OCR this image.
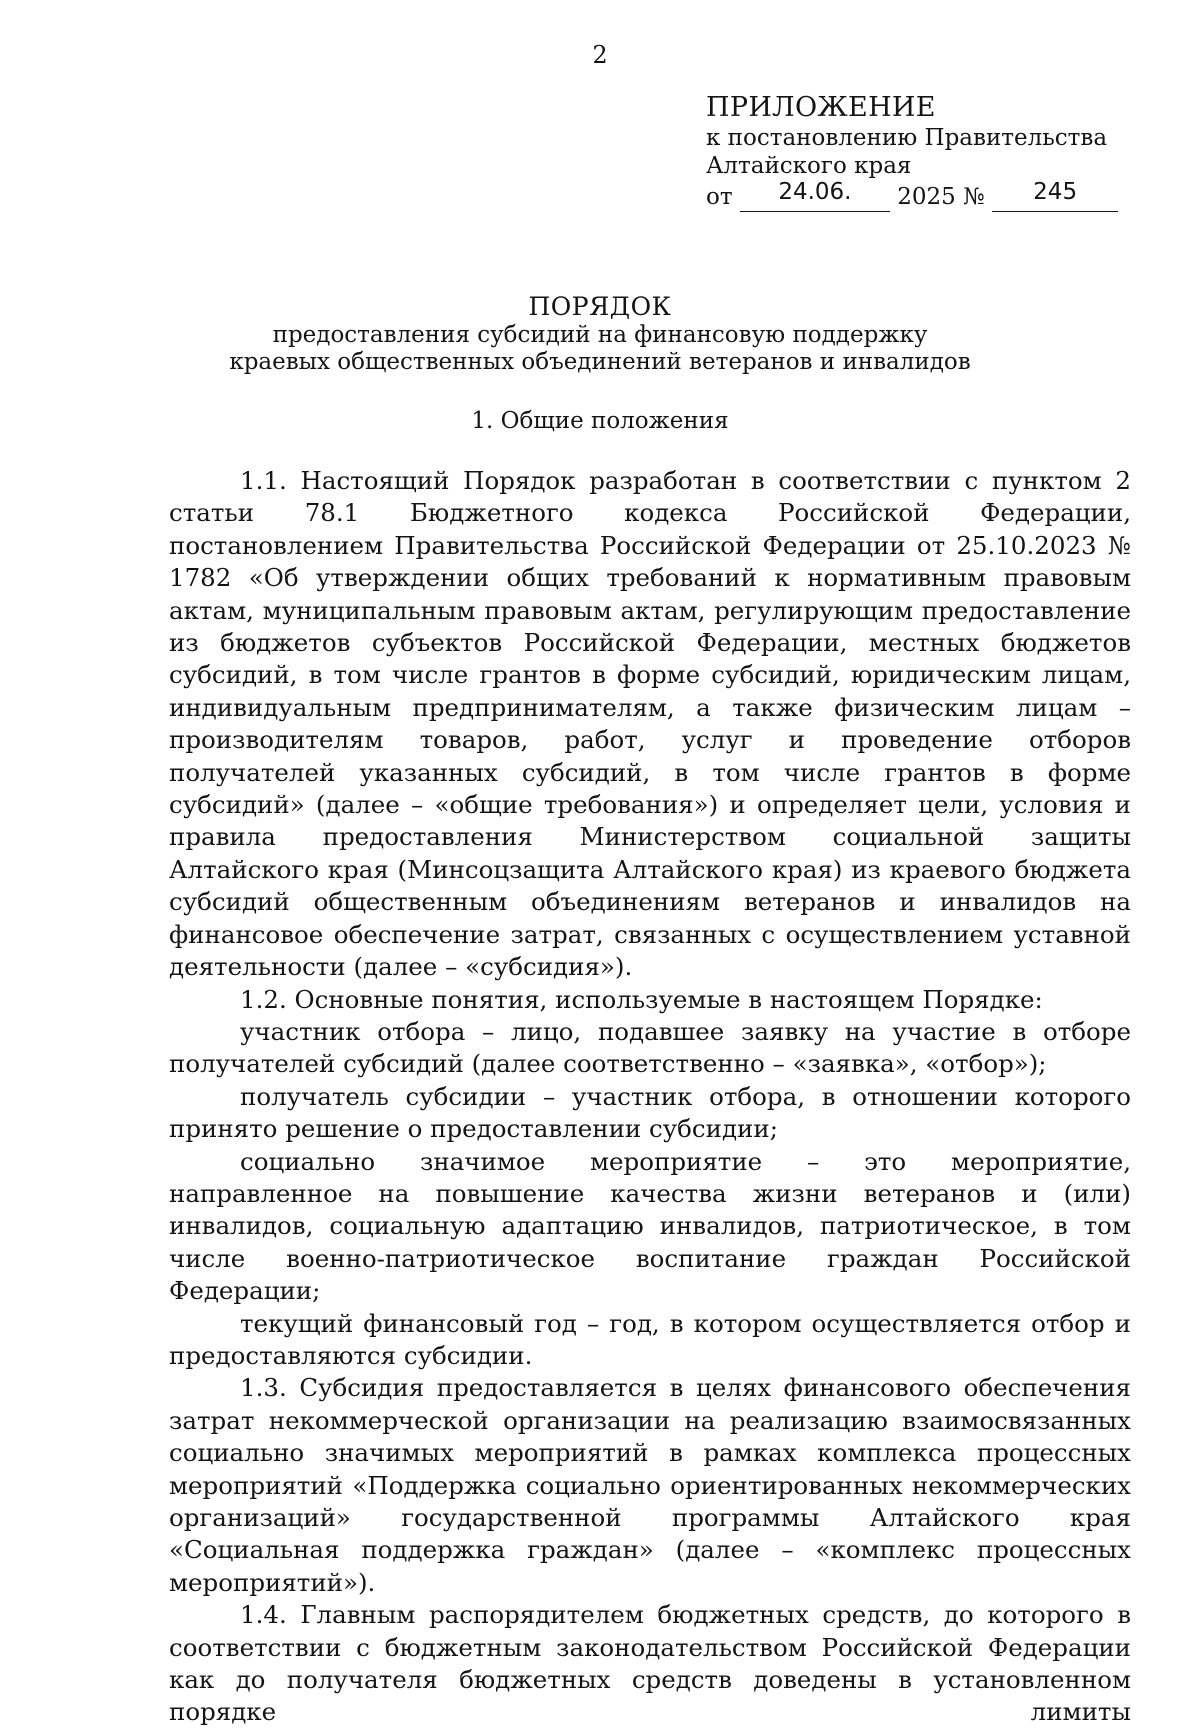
2
ПРИЛОЖЕНИЕ
к постановлению Правительства
Алтайского края
от 24.06. 2025 № 245
ПОРЯДОК
предоставления субсидий на финансовую поддержку
краевых общественных объединений ветеранов и инвалидов
1. Общие положения

1.1. Настоящий Порядок разработан в соответствии с пунктом 2 статьи 78.1 Бюджетного кодекса Российской Федерации, постановлением Правительства Российской Федерации от 25.10.2023 № 1782 «Об утверждении общих требований к нормативным правовым актам, муниципальным правовым актам, регулирующим предоставление из бюджетов субъектов Российской Федерации, местных бюджетов субсидий, в том числе грантов в форме субсидий, юридическим лицам, индивидуальным предпринимателям, а также физическим лицам – производителям товаров, работ, услуг и проведение отборов получателей указанных субсидий, в том числе грантов в форме субсидий» (далее – «общие требования») и определяет цели, условия и правила предоставления Министерством социальной защиты Алтайского края (Минсоцзащита Алтайского края) из краевого бюджета субсидий общественным объединениям ветеранов и инвалидов на финансовое обеспечение затрат, связанных с осуществлением уставной деятельности (далее – «субсидия»).

1.2. Основные понятия, используемые в настоящем Порядке:

участник отбора – лицо, подавшее заявку на участие в отборе получателей субсидий (далее соответственно – «заявка», «отбор»);

получатель субсидии – участник отбора, в отношении которого принято решение о предоставлении субсидии;

социально значимое мероприятие – это мероприятие, направленное на повышение качества жизни ветеранов и (или) инвалидов, социальную адаптацию инвалидов, патриотическое, в том числе военно-патриотическое воспитание граждан Российской Федерации;

текущий финансовый год – год, в котором осуществляется отбор и предоставляются субсидии.

1.3. Субсидия предоставляется в целях финансового обеспечения затрат некоммерческой организации на реализацию взаимосвязанных социально значимых мероприятий в рамках комплекса процессных мероприятий «Поддержка социально ориентированных некоммерческих организаций» государственной программы Алтайского края «Социальная поддержка граждан» (далее – «комплекс процессных мероприятий»).

1.4. Главным распорядителем бюджетных средств, до которого в соответствии с бюджетным законодательством Российской Федерации как до получателя бюджетных средств доведены в установленном порядке лимиты
